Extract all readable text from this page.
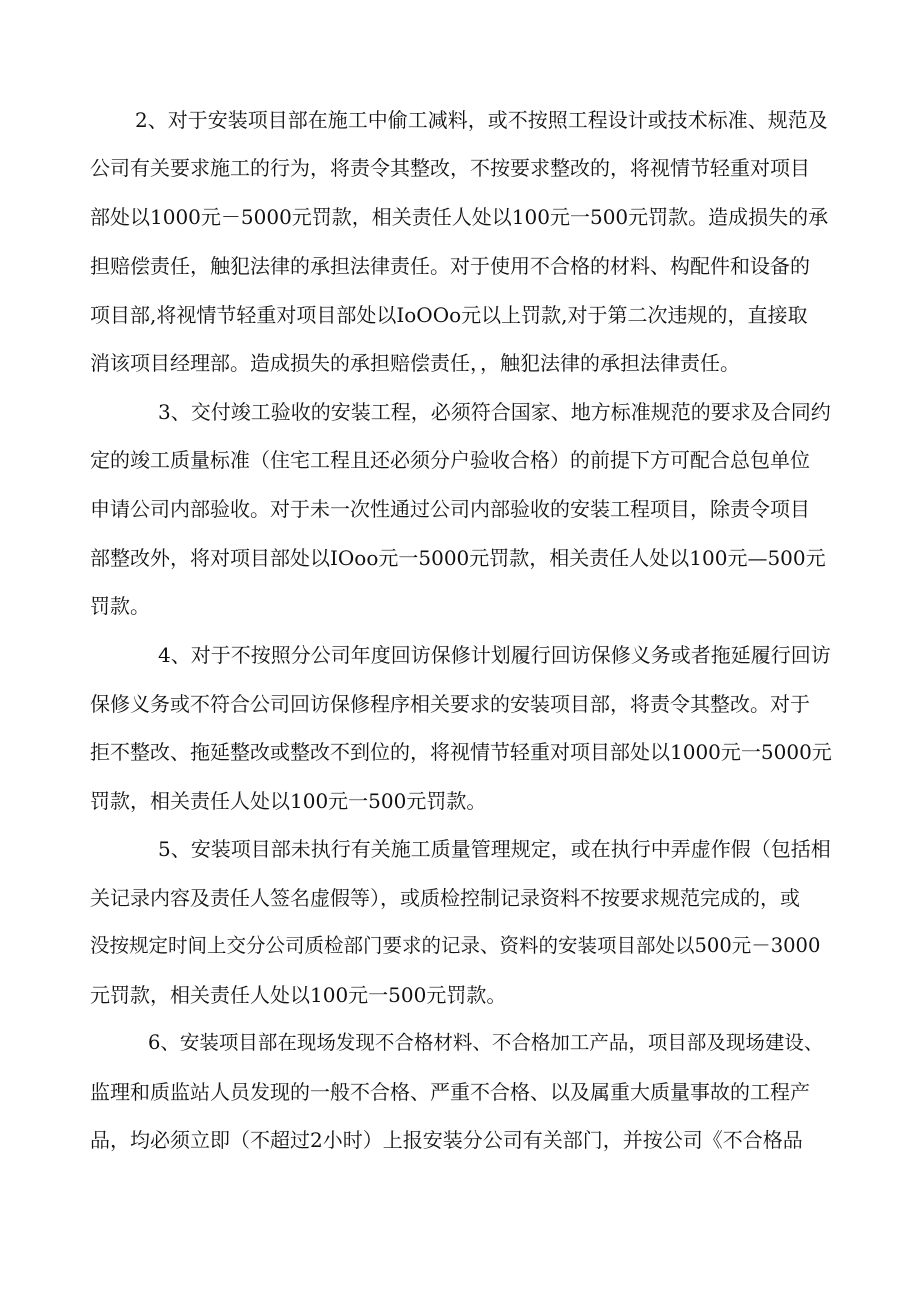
2、对于安装项目部在施工中偷工减料，或不按照工程设计或技术标准、规范及
公司有关要求施工的行为，将责令其整改，不按要求整改的，将视情节轻重对项目
部处以1000元－5000元罚款，相关责任人处以100元一500元罚款。造成损失的承
担赔偿责任，触犯法律的承担法律责任。对于使用不合格的材料、构配件和设备的
项目部,将视情节轻重对项目部处以IoOOo元以上罚款,对于第二次违规的，直接取
消该项目经理部。造成损失的承担赔偿责任，，触犯法律的承担法律责任。
3、交付竣工验收的安装工程，必须符合国家、地方标准规范的要求及合同约
定的竣工质量标准（住宅工程且还必须分户验收合格）的前提下方可配合总包单位
申请公司内部验收。对于未一次性通过公司内部验收的安装工程项目，除责令项目
部整改外，将对项目部处以IOoo元一5000元罚款，相关责任人处以100元—500元
罚款。
4、对于不按照分公司年度回访保修计划履行回访保修义务或者拖延履行回访
保修义务或不符合公司回访保修程序相关要求的安装项目部，将责令其整改。对于
拒不整改、拖延整改或整改不到位的，将视情节轻重对项目部处以1000元一5000元
罚款，相关责任人处以100元一500元罚款。
5、安装项目部未执行有关施工质量管理规定，或在执行中弄虚作假（包括相
关记录内容及责任人签名虚假等），或质检控制记录资料不按要求规范完成的，或
没按规定时间上交分公司质检部门要求的记录、资料的安装项目部处以500元－3000
元罚款，相关责任人处以100元一500元罚款。
6、安装项目部在现场发现不合格材料、不合格加工产品，项目部及现场建设、
监理和质监站人员发现的一般不合格、严重不合格、以及属重大质量事故的工程产
品，均必须立即（不超过2小时）上报安装分公司有关部门，并按公司《不合格品
